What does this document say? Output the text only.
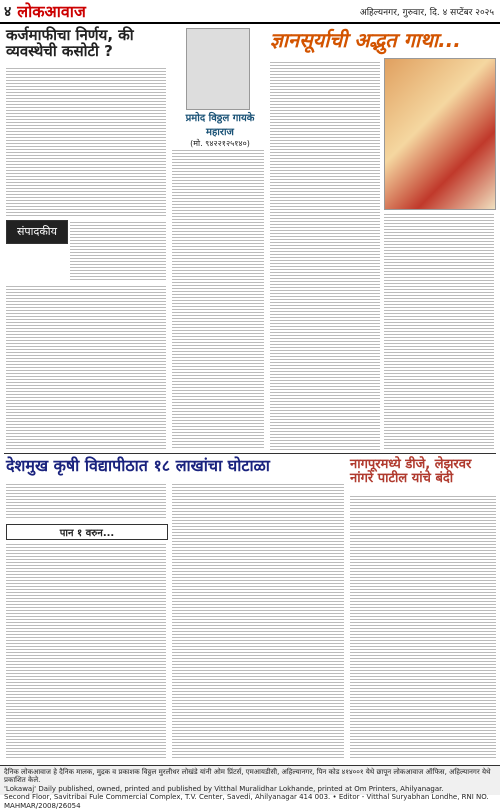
४ लोकआवाज	अहिल्यनगर, गुरुवार, दि. ४ सप्टेंबर २०२५
कर्जमाफीचा निर्णय, की
व्यवस्थेची कसोटी ?
संपादकीय
प्रमोद विठ्ठल गायके
महाराज
(मो. ९४२२१२५१४०)
ज्ञानसूर्याची अद्भुत गाथा...
देशमुख कृषी विद्यापीठात १८ लाखांचा घोटाळा
पान १ वरुन...
नागपूरमध्ये डीजे, लेझरवर
नांगरे पाटील यांचे बंदी
दैनिक लोकआवाज हे दैनिक मालक, मुद्रक व प्रकाशक विठ्ठल मुरलीधर लोखंडे यांनी ओम प्रिंटर्स, एमआयडीसी, अहिल्यानगर, पिन कोड ४१४००१ येथे छापून लोकआवाज ऑफिस, अहिल्यानगर येथे प्रकाशित केले.
'Lokawaj' Daily published, owned, printed and published by Vitthal Muralidhar Lokhande, printed at Om Printers, Ahilyanagar.
Second Floor, Savitribai Fule Commercial Complex, T.V. Center, Savedi, Ahilyanagar 414 003. • Editor - Vitthal Suryabhan Londhe, RNI NO. MAHMAR/2008/26054
